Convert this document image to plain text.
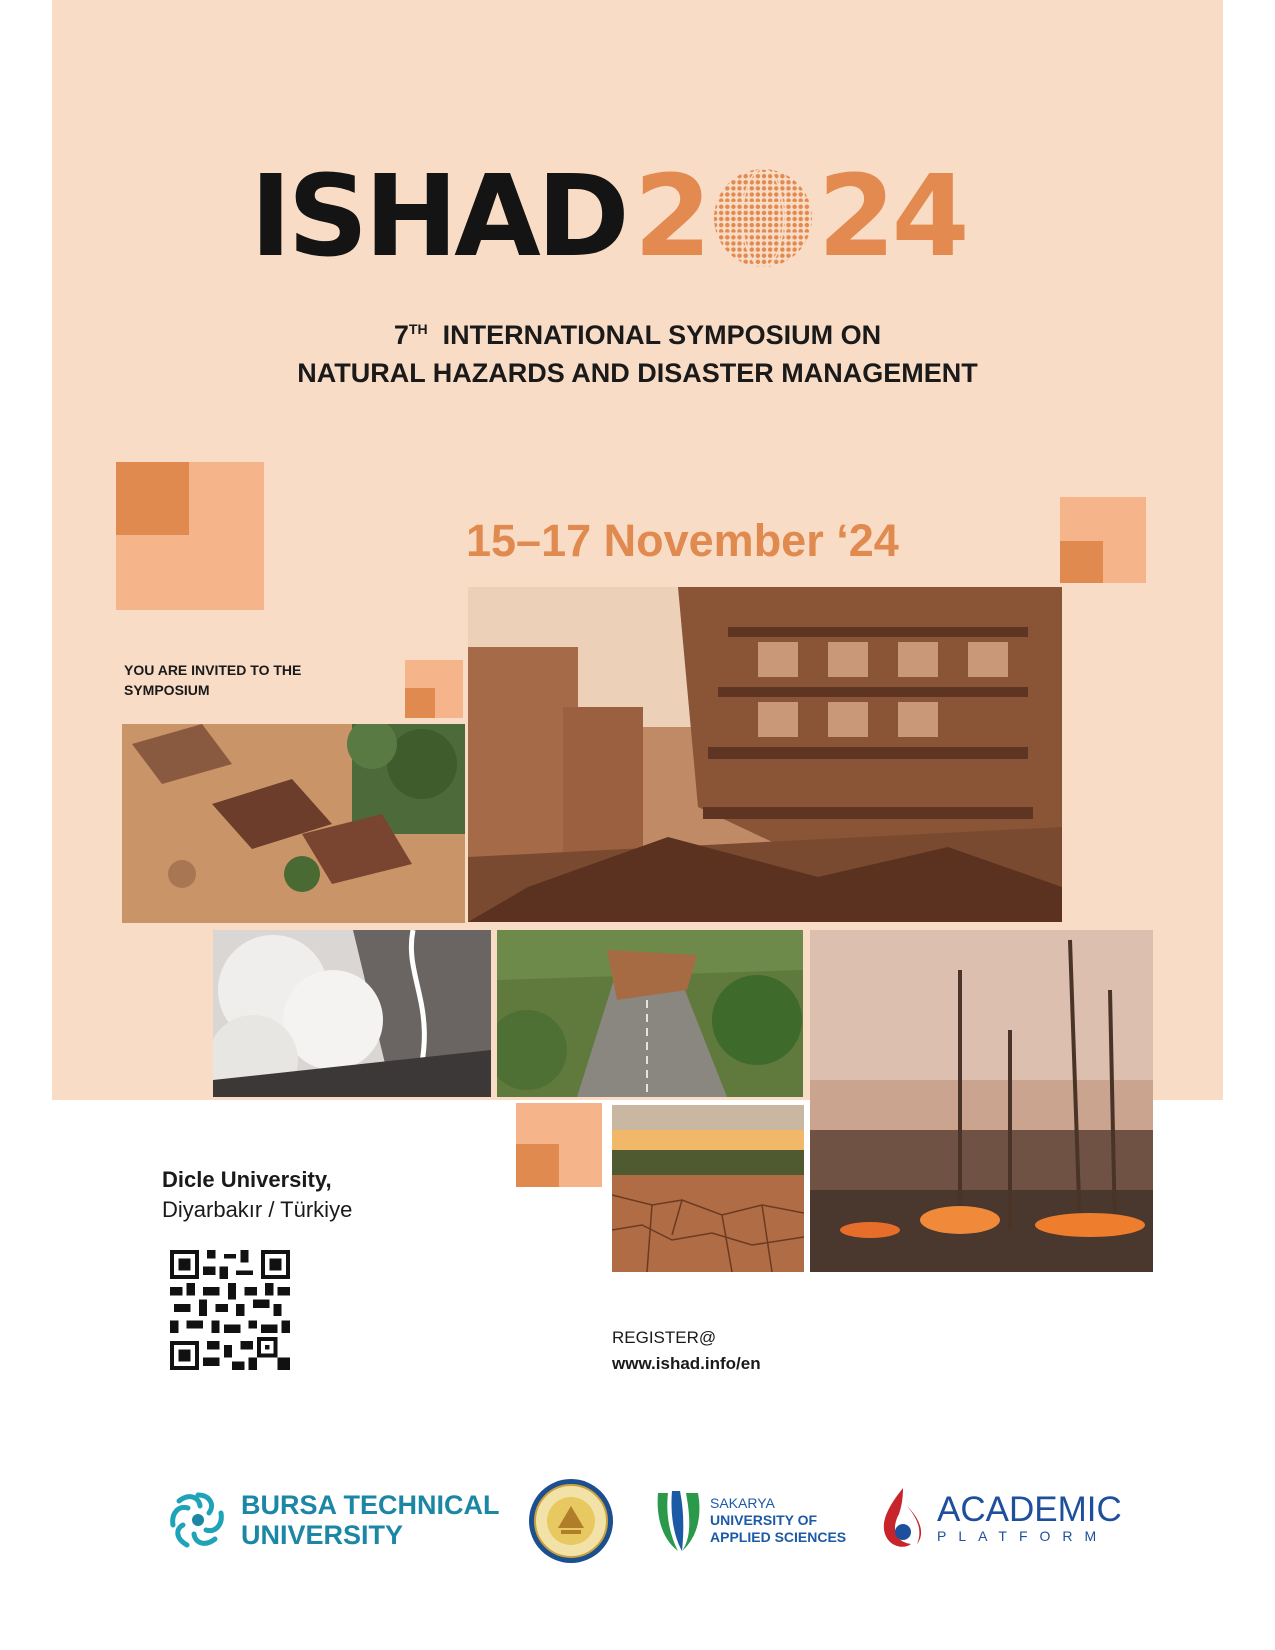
ISHAD 2 24
7TH INTERNATIONAL SYMPOSIUM ON
NATURAL HAZARDS AND DISASTER MANAGEMENT
15–17 November ‘24
YOU ARE INVITED TO THE SYMPOSIUM
Dicle University,
Diyarbakır / Türkiye
REGISTER@
www.ishad.info/en
BURSA TECHNICAL
UNIVERSITY
SAKARYA
UNIVERSITY OF
APPLIED SCIENCES
ACADEMIC
PLATFORM
